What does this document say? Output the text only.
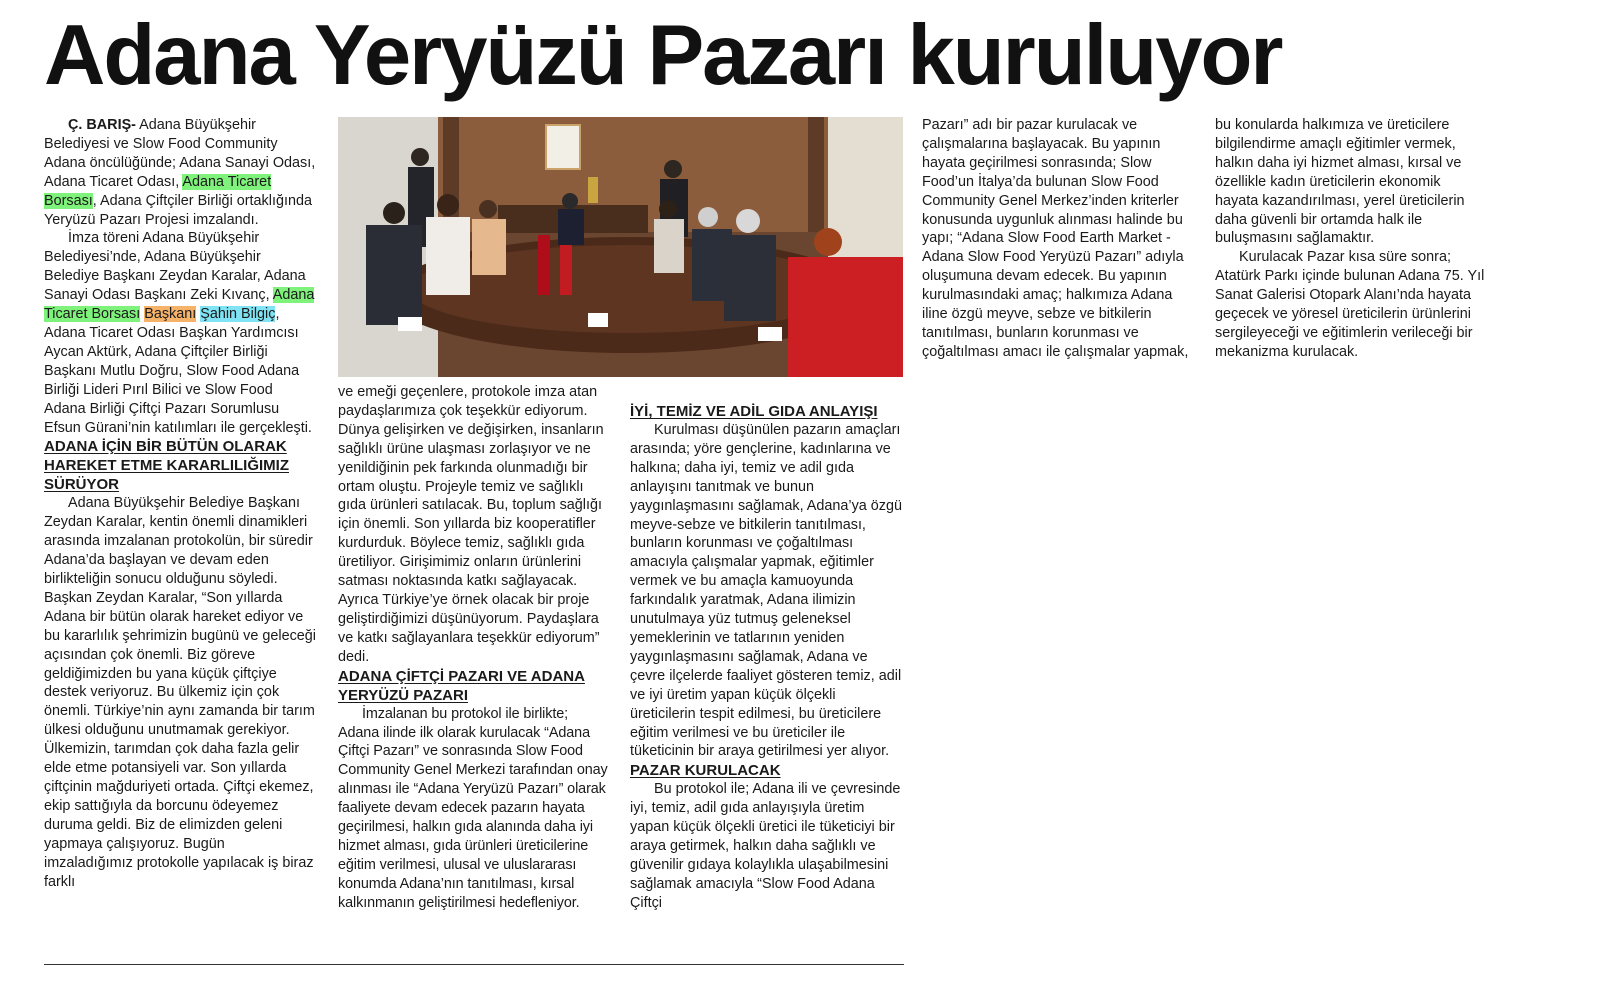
Adana Yeryüzü Pazarı kuruluyor

Ç. BARIŞ- Adana Büyükşehir Belediyesi ve Slow Food Community Adana öncülüğünde; Adana Sanayi Odası, Adana Ticaret Odası, Adana Ticaret Borsası, Adana Çiftçiler Birliği ortaklığında Yeryüzü Pazarı Projesi imzalandı.

İmza töreni Adana Büyükşehir Belediyesi’nde, Adana Büyükşehir Belediye Başkanı Zeydan Karalar, Adana Sanayi Odası Başkanı Zeki Kıvanç, Adana Ticaret Borsası Başkanı Şahin Bilgiç, Adana Ticaret Odası Başkan Yardımcısı Aycan Aktürk, Adana Çiftçiler Birliği Başkanı Mutlu Doğru, Slow Food Adana Birliği Lideri Pırıl Bilici ve Slow Food Adana Birliği Çiftçi Pazarı Sorumlusu Efsun Gürani’nin katılımları ile gerçekleşti.

ADANA İÇİN BİR BÜTÜN OLARAK HAREKET ETME KARARLILIĞIMIZ SÜRÜYOR

Adana Büyükşehir Belediye Başkanı Zeydan Karalar, kentin önemli dinamikleri arasında imzalanan protokolün, bir süredir Adana’da başlayan ve devam eden birlikteliğin sonucu olduğunu söyledi. Başkan Zeydan Karalar, “Son yıllarda Adana bir bütün olarak hareket ediyor ve bu kararlılık şehrimizin bugünü ve geleceği açısından çok önemli. Biz göreve geldiğimizden bu yana küçük çiftçiye destek veriyoruz. Bu ülkemiz için çok önemli. Türkiye’nin aynı zamanda bir tarım ülkesi olduğunu unutmamak gerekiyor. Ülkemizin, tarımdan çok daha fazla gelir elde etme potansiyeli var. Son yıllarda çiftçinin mağduriyeti ortada. Çiftçi ekemez, ekip sattığıyla da borcunu ödeyemez duruma geldi. Biz de elimizden geleni yapmaya çalışıyoruz. Bugün imzaladığımız protokolle yapılacak iş biraz farklı

ve emeği geçenlere, protokole imza atan paydaşlarımıza çok teşekkür ediyorum. Dünya gelişirken ve değişirken, insanların sağlıklı ürüne ulaşması zorlaşıyor ve ne yenildiğinin pek farkında olunmadığı bir ortam oluştu. Projeyle temiz ve sağlıklı gıda ürünleri satılacak. Bu, toplum sağlığı için önemli. Son yıllarda biz kooperatifler kurdurduk. Böylece temiz, sağlıklı gıda üretiliyor. Girişimimiz onların ürünlerini satması noktasında katkı sağlayacak. Ayrıca Türkiye’ye örnek olacak bir proje geliştirdiğimizi düşünüyorum. Paydaşlara ve katkı sağlayanlara teşekkür ediyorum” dedi.

ADANA ÇİFTÇİ PAZARI VE ADANA YERYÜZÜ PAZARI

İmzalanan bu protokol ile birlikte; Adana ilinde ilk olarak kurulacak “Adana Çiftçi Pazarı” ve sonrasında Slow Food Community Genel Merkezi tarafından onay alınması ile “Adana Yeryüzü Pazarı” olarak faaliyete devam edecek pazarın hayata geçirilmesi, halkın gıda alanında daha iyi hizmet alması, gıda ürünleri üreticilerine eğitim verilmesi, ulusal ve uluslararası konumda Adana’nın tanıtılması, kırsal kalkınmanın geliştirilmesi hedefleniyor.

İYİ, TEMİZ VE ADİL GIDA ANLAYIŞI

Kurulması düşünülen pazarın amaçları arasında; yöre gençlerine, kadınlarına ve halkına; daha iyi, temiz ve adil gıda anlayışını tanıtmak ve bunun yaygınlaşmasını sağlamak, Adana’ya özgü meyve-sebze ve bitkilerin tanıtılması, bunların korunması ve çoğaltılması amacıyla çalışmalar yapmak, eğitimler vermek ve bu amaçla kamuoyunda farkındalık yaratmak, Adana ilimizin unutulmaya yüz tutmuş geleneksel yemeklerinin ve tatlarının yeniden yaygınlaşmasını sağlamak, Adana ve çevre ilçelerde faaliyet gösteren temiz, adil ve iyi üretim yapan küçük ölçekli üreticilerin tespit edilmesi, bu üreticilere eğitim verilmesi ve bu üreticiler ile tüketicinin bir araya getirilmesi yer alıyor.

PAZAR KURULACAK

Bu protokol ile; Adana ili ve çevresinde iyi, temiz, adil gıda anlayışıyla üretim yapan küçük ölçekli üretici ile tüketiciyi bir araya getirmek, halkın daha sağlıklı ve güvenilir gıdaya kolaylıkla ulaşabilmesini sağlamak amacıyla “Slow Food Adana Çiftçi

Pazarı” adı bir pazar kurulacak ve çalışmalarına başlayacak. Bu yapının hayata geçirilmesi sonrasında; Slow Food’un İtalya’da bulunan Slow Food Community Genel Merkez’inden kriterler konusunda uygunluk alınması halinde bu yapı; “Adana Slow Food Earth Market - Adana Slow Food Yeryüzü Pazarı” adıyla oluşumuna devam edecek. Bu yapının kurulmasındaki amaç; halkımıza Adana iline özgü meyve, sebze ve bitkilerin tanıtılması, bunların korunması ve çoğaltılması amacı ile çalışmalar yapmak,

bu konularda halkımıza ve üreticilere bilgilendirme amaçlı eğitimler vermek, halkın daha iyi hizmet alması, kırsal ve özellikle kadın üreticilerin ekonomik hayata kazandırılması, yerel üreticilerin daha güvenli bir ortamda halk ile buluşmasını sağlamaktır.

Kurulacak Pazar kısa süre sonra; Atatürk Parkı içinde bulunan Adana 75. Yıl Sanat Galerisi Otopark Alanı’nda hayata geçecek ve yöresel üreticilerin ürünlerini sergileyeceği ve eğitimlerin verileceği bir mekanizma kurulacak.
